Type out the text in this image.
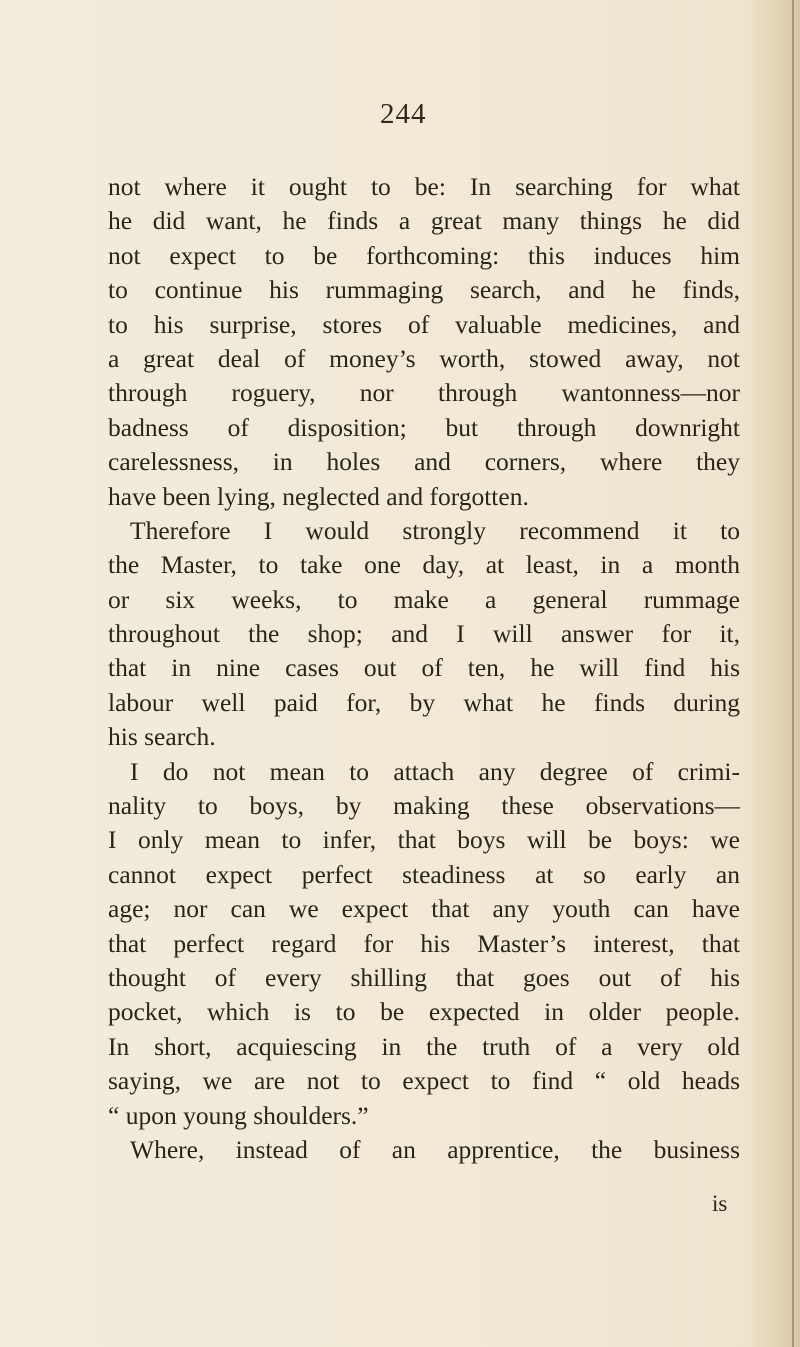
244
not where it ought to be: In searching for what
he did want, he finds a great many things he did
not expect to be forthcoming: this induces him
to continue his rummaging search, and he finds,
to his surprise, stores of valuable medicines, and
a great deal of money’s worth, stowed away, not
through roguery, nor through wantonness—nor
badness of disposition; but through downright
carelessness, in holes and corners, where they
have been lying, neglected and forgotten.
Therefore I would strongly recommend it to
the Master, to take one day, at least, in a month
or six weeks, to make a general rummage
throughout the shop; and I will answer for it,
that in nine cases out of ten, he will find his
labour well paid for, by what he finds during
his search.
I do not mean to attach any degree of crimi-
nality to boys, by making these observations—
I only mean to infer, that boys will be boys: we
cannot expect perfect steadiness at so early an
age; nor can we expect that any youth can have
that perfect regard for his Master’s interest, that
thought of every shilling that goes out of his
pocket, which is to be expected in older people.
In short, acquiescing in the truth of a very old
saying, we are not to expect to find “ old heads
“ upon young shoulders.”
Where, instead of an apprentice, the business
is
